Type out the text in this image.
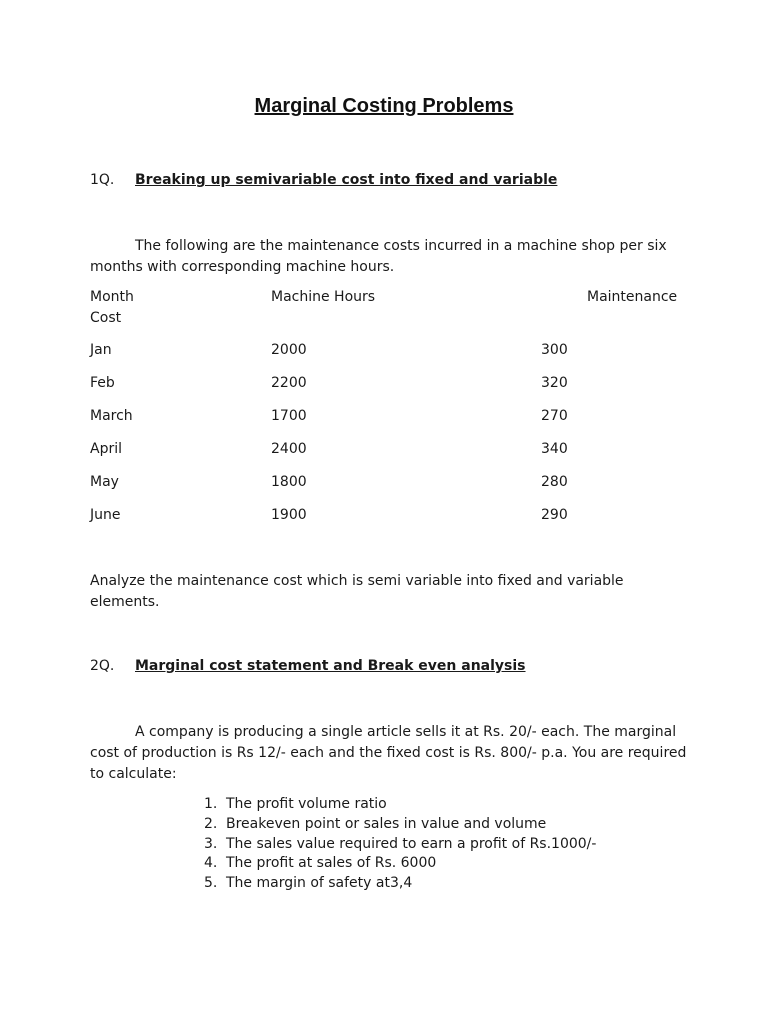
Marginal Costing Problems
1Q. Breaking up semivariable cost into fixed and variable

The following are the maintenance costs incurred in a machine shop per six months with corresponding machine hours.

Month	Machine Hours	Maintenance
Cost
Jan	2000	300
Feb	2200	320
March	1700	270
April	2400	340
May	1800	280
June	1900	290

Analyze the maintenance cost which is semi variable into fixed and variable elements.

2Q. Marginal cost statement and Break even analysis

A company is producing a single article sells it at Rs. 20/- each. The marginal cost of production is Rs 12/- each and the fixed cost is Rs. 800/- p.a. You are required to calculate:

1. The profit volume ratio
2. Breakeven point or sales in value and volume
3. The sales value required to earn a profit of Rs.1000/-
4. The profit at sales of Rs. 6000
5. The margin of safety at3,4
